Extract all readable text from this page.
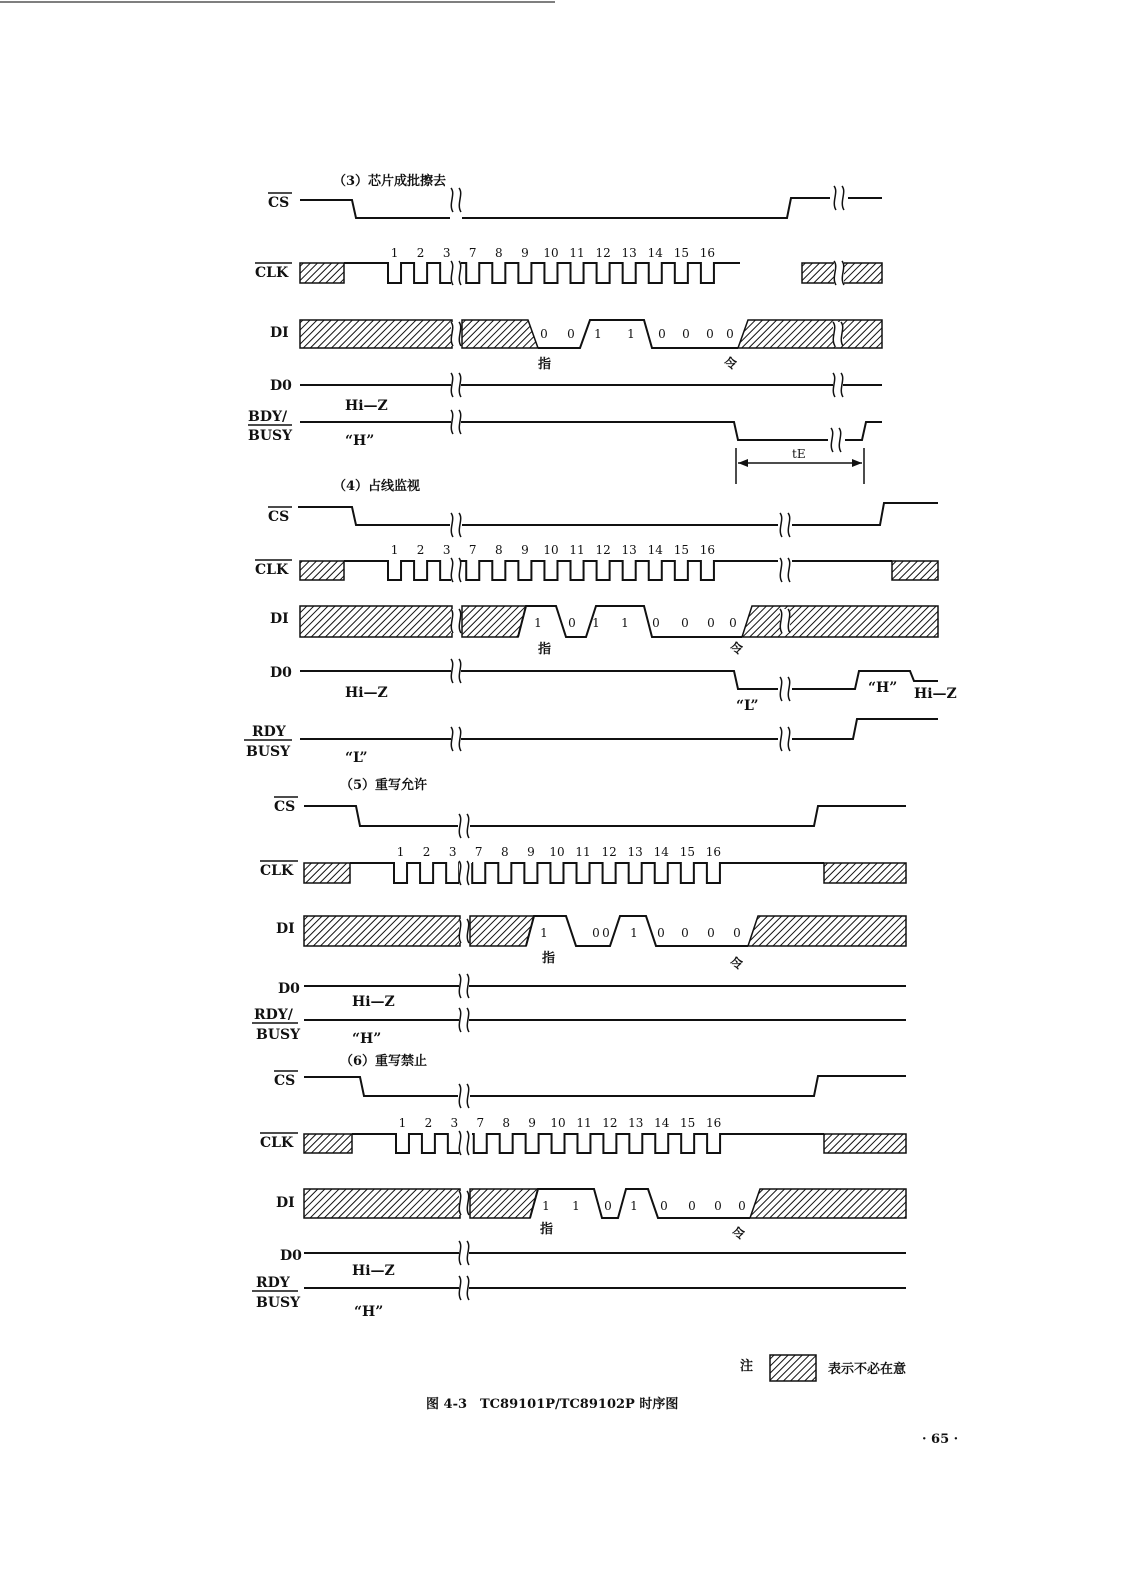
（3）芯片成批擦去
CS
CLK
DI
D0
BDY/
BUSY
1 2 3 7 8 9 10 11 12 13 14 15 16
0 0 1 1 0 0 0 0
指	令
Hi—Z
“H”
tE
（4）占线监视
CS
CLK
DI
D0
RDY
BUSY
1 2 3 7 8 9 10 11 12 13 14 15 16
1 0 1 1 0 0 0 0
指	令
Hi—Z
“L”
“H” Hi—Z
“L”
（5）重写允许
CS
CLK
DI
D0
RDY/
BUSY
1 2 3 7 8 9 10 11 12 13 14 15 16
1	0 0 1 0 0 0 0
指	令
Hi—Z
“H”
（6）重写禁止
CS
CLK
DI
D0
RDY
BUSY
1 2 3 7 8 9 10 11 12 13 14 15 16
1 1 0 1 0 0 0 0
指	令
Hi—Z
“H”
注	表示不必在意
图 4-3　TC89101P/TC89102P 时序图
· 65 ·
